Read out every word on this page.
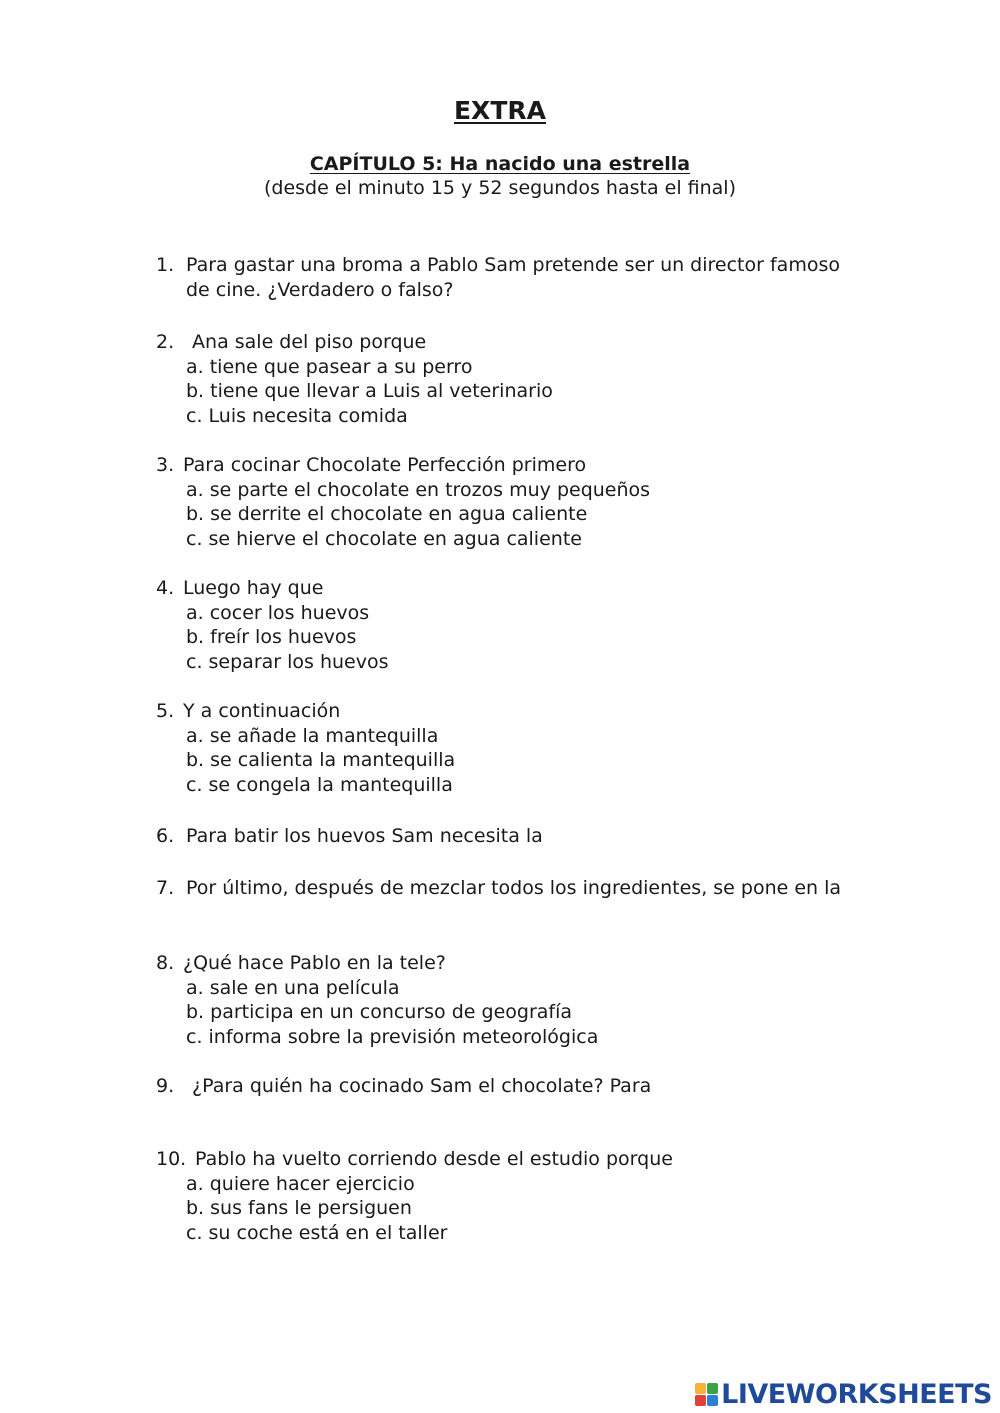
EXTRA
CAPÍTULO 5: Ha nacido una estrella
(desde el minuto 15 y 52 segundos hasta el final)
1. Para gastar una broma a Pablo Sam pretende ser un director famoso
de cine. ¿Verdadero o falso?
2. Ana sale del piso porque
a. tiene que pasear a su perro
b. tiene que llevar a Luis al veterinario
c. Luis necesita comida
3. Para cocinar Chocolate Perfección primero
a. se parte el chocolate en trozos muy pequeños
b. se derrite el chocolate en agua caliente
c. se hierve el chocolate en agua caliente
4. Luego hay que
a. cocer los huevos
b. freír los huevos
c. separar los huevos
5. Y a continuación
a. se añade la mantequilla
b. se calienta la mantequilla
c. se congela la mantequilla
6. Para batir los huevos Sam necesita la
7. Por último, después de mezclar todos los ingredientes, se pone en la
8. ¿Qué hace Pablo en la tele?
a. sale en una película
b. participa en un concurso de geografía
c. informa sobre la previsión meteorológica
9. ¿Para quién ha cocinado Sam el chocolate? Para
10. Pablo ha vuelto corriendo desde el estudio porque
a. quiere hacer ejercicio
b. sus fans le persiguen
c. su coche está en el taller
LIVEWORKSHEETS
